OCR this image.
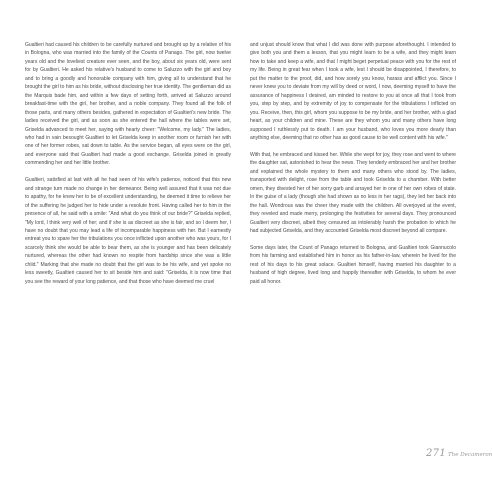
Gualtieri had caused his children to be carefully nurtured and brought up by a relative of his in Bologna, who was married into the family of the Counts of Panago. The girl, now twelve years old and the loveliest creature ever seen, and the boy, about six years old, were sent for by Gualtieri. He asked his relative's husband to come to Saluzzo with the girl and boy and to bring a goodly and honorable company with him, giving all to understand that he brought the girl to him as his bride, without disclosing her true identity. The gentleman did as the Marquis bade him, and within a few days of setting forth, arrived at Saluzzo around breakfast-time with the girl, her brother, and a noble company. They found all the folk of those parts, and many others besides, gathered in expectation of Gualtieri's new bride. The ladies received the girl, and as soon as she entered the hall where the tables were set, Griselda advanced to meet her, saying with hearty cheer: "Welcome, my lady." The ladies, who had in vain besought Gualtieri to let Griselda keep in another room or furnish her with one of her former robes, sat down to table. As the service began, all eyes were on the girl, and everyone said that Gualtieri had made a good exchange. Griselda joined in greatly commending her and her little brother.

Gualtieri, satisfied at last with all he had seen of his wife's patience, noticed that this new and strange turn made no change in her demeanor. Being well assured that it was not due to apathy, for he knew her to be of excellent understanding, he deemed it time to relieve her of the suffering he judged her to hide under a resolute front. Having called her to him in the presence of all, he said with a smile: "And what do you think of our bride?" Griselda replied, "My lord, I think very well of her; and if she is as discreet as she is fair, and so I deem her, I have no doubt that you may lead a life of incomparable happiness with her. But I earnestly entreat you to spare her the tribulations you once inflicted upon another who was yours, for I scarcely think she would be able to bear them, as she is younger and has been delicately nurtured, whereas the other had known no respite from hardship since she was a little child." Marking that she made no doubt that the girl was to be his wife, and yet spoke no less sweetly, Gualtieri caused her to sit beside him and said: "Griselda, it is now time that you see the reward of your long patience, and that those who have deemed me cruel

and unjust should know that what I did was done with purpose aforethought. I intended to give both you and them a lesson, that you might learn to be a wife, and they might learn how to take and keep a wife, and that I might beget perpetual peace with you for the rest of my life. Being in great fear when I took a wife, lest I should be disappointed, I therefore, to put the matter to the proof, did, and how sorely you know, harass and afflict you. Since I never knew you to deviate from my will by deed or word, I now, deeming myself to have the assurance of happiness I desired, am minded to restore to you at once all that I took from you, step by step, and by extremity of joy to compensate for the tribulations I inflicted on you. Receive, then, this girl, whom you suppose to be my bride, and her brother, with a glad heart, as your children and mine. These are they whom you and many others have long supposed I ruthlessly put to death. I am your husband, who loves you more dearly than anything else, deeming that no other has as good cause to be well content with his wife."

With that, he embraced and kissed her. While she wept for joy, they rose and went to where the daughter sat, astonished to hear the news. They tenderly embraced her and her brother and explained the whole mystery to them and many others who stood by. The ladies, transported with delight, rose from the table and took Griselda to a chamber. With better omen, they divested her of her sorry garb and arrayed her in one of her own robes of state. In the guise of a lady (though she had shown as no less in her rags), they led her back into the hall. Wondrous was the cheer they made with the children. All overjoyed at the event, they reveled and made merry, prolonging the festivities for several days. They pronounced Gualtieri very discreet, albeit they censured as intolerably harsh the probation to which he had subjected Griselda, and they accounted Griselda most discreet beyond all compare.

Some days later, the Count of Panago returned to Bologna, and Gualtieri took Giannucolo from his farming and established him in honor as his father-in-law, wherein he lived for the rest of his days to his great solace. Gualtieri himself, having married his daughter to a husband of high degree, lived long and happily thereafter with Griselda, to whom he ever paid all honor.

271 The Decameron
